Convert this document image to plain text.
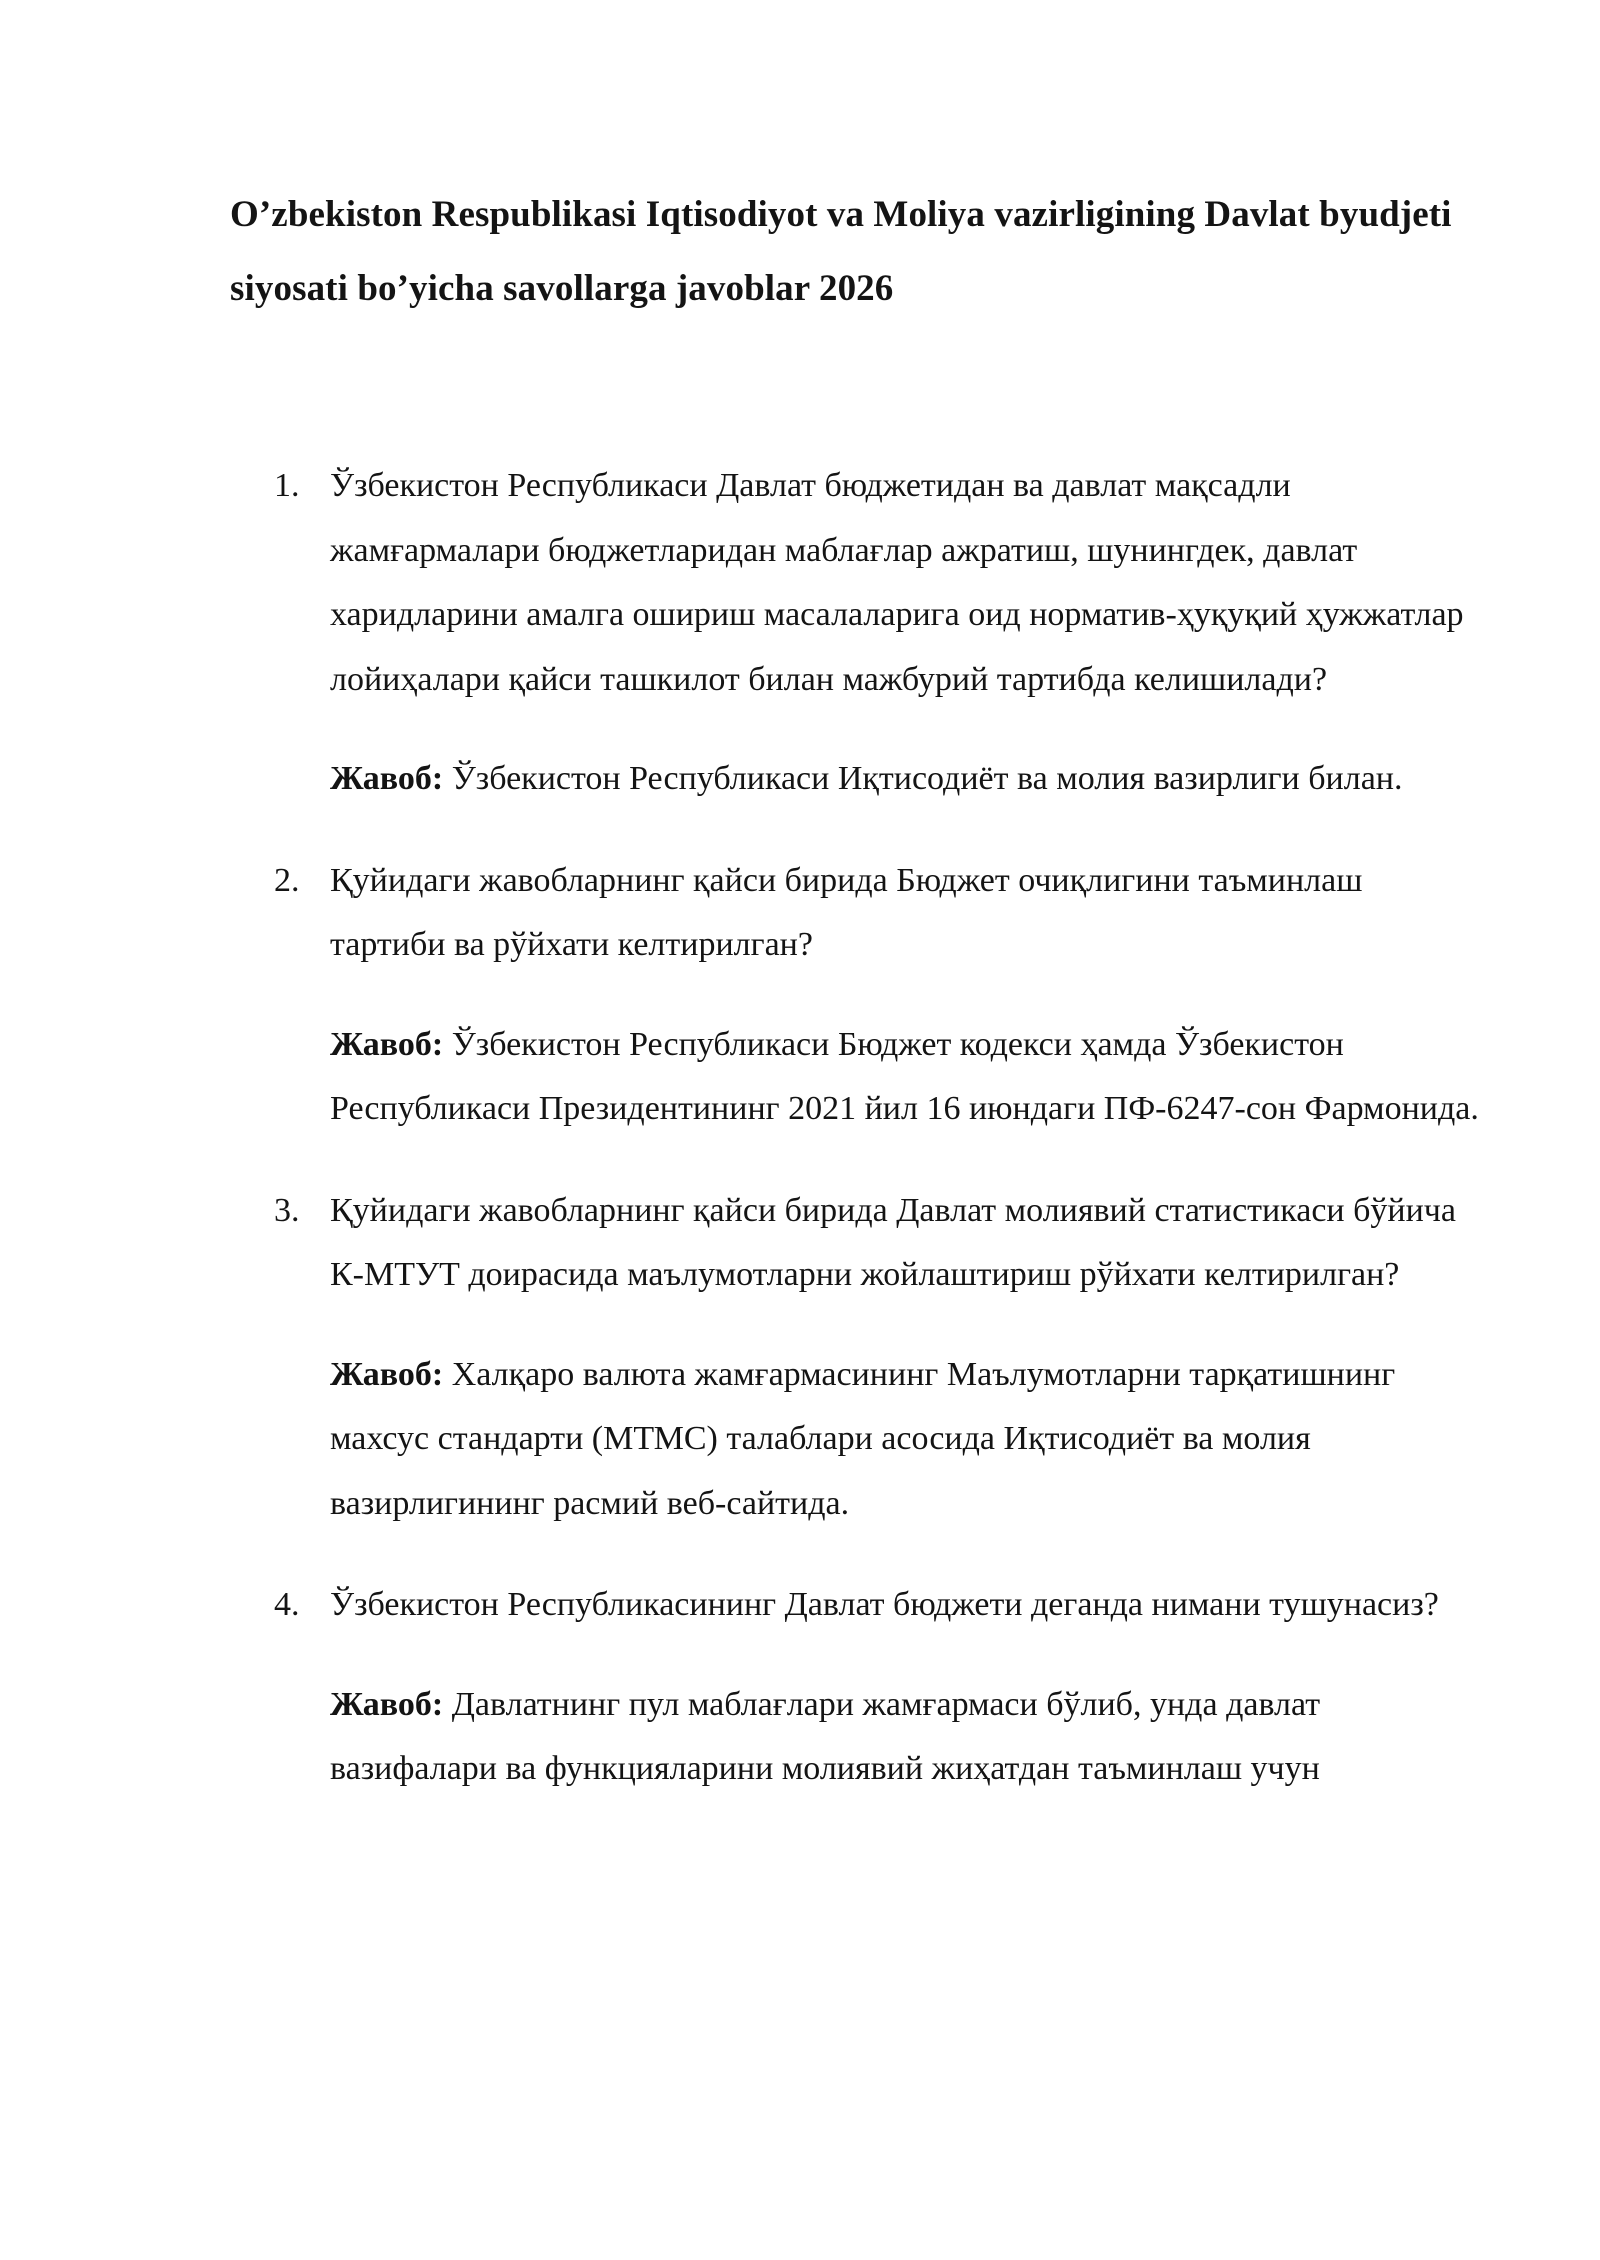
O’zbekiston Respublikasi Iqtisodiyot va Moliya vazirligining Davlat byudjeti siyosati bo’yicha savollarga javoblar 2026
1. Ўзбекистон Республикаси Давлат бюджетидан ва давлат мақсадли жамғармалари бюджетларидан маблағлар ажратиш, шунингдек, давлат харидларини амалга ошириш масалаларига оид норматив-ҳуқуқий ҳужжатлар лойиҳалари қайси ташкилот билан мажбурий тартибда келишилади?

Жавоб: Ўзбекистон Республикаси Иқтисодиёт ва молия вазирлиги билан.

2. Қуйидаги жавобларнинг қайси бирида Бюджет очиқлигини таъминлаш тартиби ва рўйхати келтирилган?

Жавоб: Ўзбекистон Республикаси Бюджет кодекси ҳамда Ўзбекистон Республикаси Президентининг 2021 йил 16 июндаги ПФ-6247-сон Фармонида.

3. Қуйидаги жавобларнинг қайси бирида Давлат молиявий статистикаси бўйича К-МТУТ доирасида маълумотларни жойлаштириш рўйхати келтирилган?

Жавоб: Халқаро валюта жамғармасининг Маълумотларни тарқатишнинг махсус стандарти (МТМС) талаблари асосида Иқтисодиёт ва молия вазирлигининг расмий веб-сайтида.

4. Ўзбекистон Республикасининг Давлат бюджети деганда нимани тушунасиз?

Жавоб: Давлатнинг пул маблағлари жамғармаси бўлиб, унда давлат вазифалари ва функцияларини молиявий жиҳатдан таъминлаш учун
